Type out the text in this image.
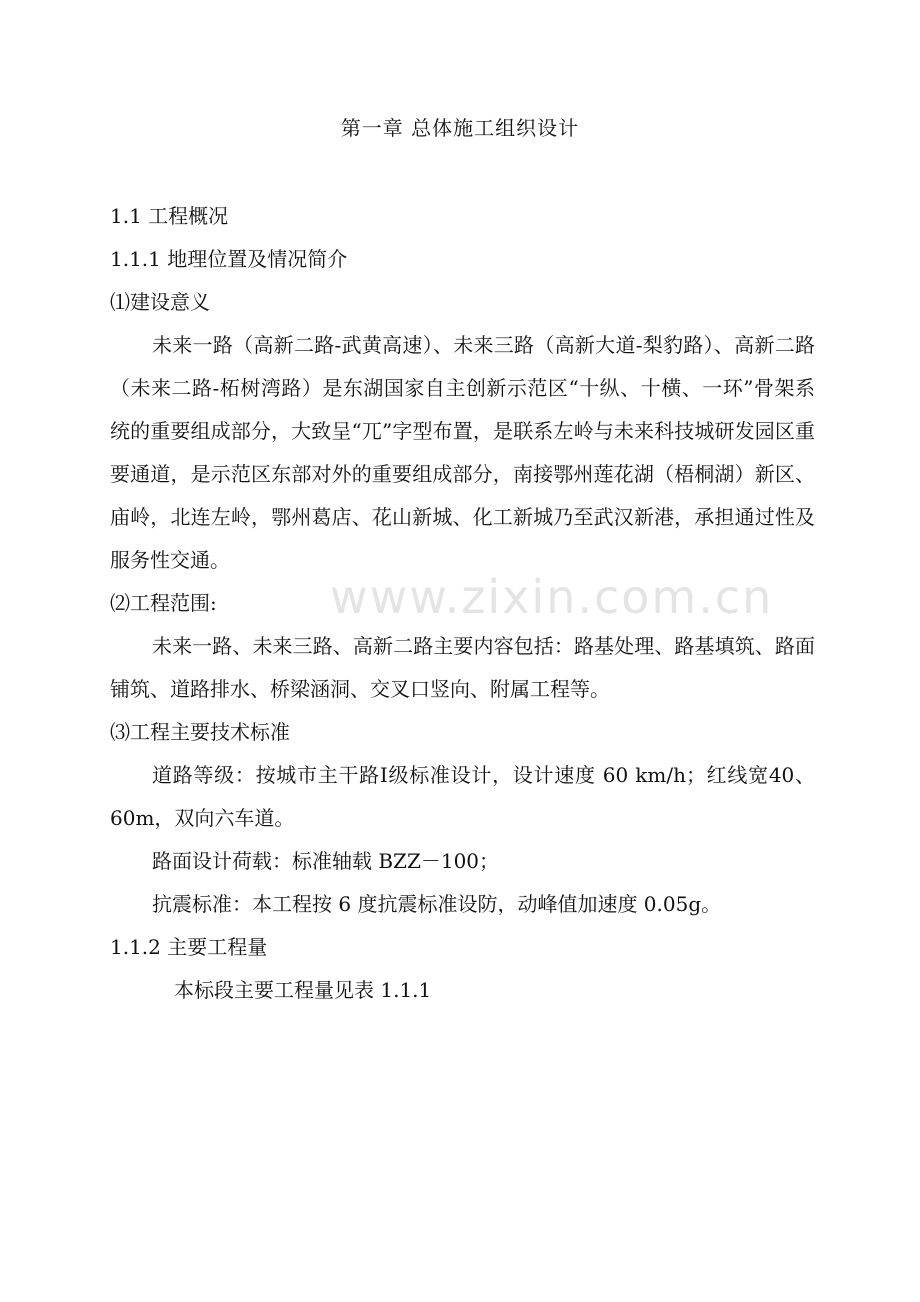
第一章 总体施工组织设计
www.zixin.com.cn
1.1 工程概况
1.1.1 地理位置及情况简介
⑴建设意义
未来一路（高新二路-武黄高速）、未来三路（高新大道-梨豹路）、高新二路（未来二路-柘树湾路）是东湖国家自主创新示范区“十纵、十横、一环”骨架系统的重要组成部分，大致呈“兀”字型布置，是联系左岭与未来科技城研发园区重要通道，是示范区东部对外的重要组成部分，南接鄂州莲花湖（梧桐湖）新区、庙岭，北连左岭，鄂州葛店、花山新城、化工新城乃至武汉新港，承担通过性及服务性交通。
⑵工程范围:
未来一路、未来三路、高新二路主要内容包括：路基处理、路基填筑、路面铺筑、道路排水、桥梁涵洞、交叉口竖向、附属工程等。
⑶工程主要技术标准
道路等级：按城市主干路Ⅰ级标准设计，设计速度 60 km/h；红线宽40、60m，双向六车道。
路面设计荷载：标准轴载 BZZ－100；
抗震标准：本工程按 6 度抗震标准设防，动峰值加速度 0.05g。
1.1.2 主要工程量
本标段主要工程量见表 1.1.1
